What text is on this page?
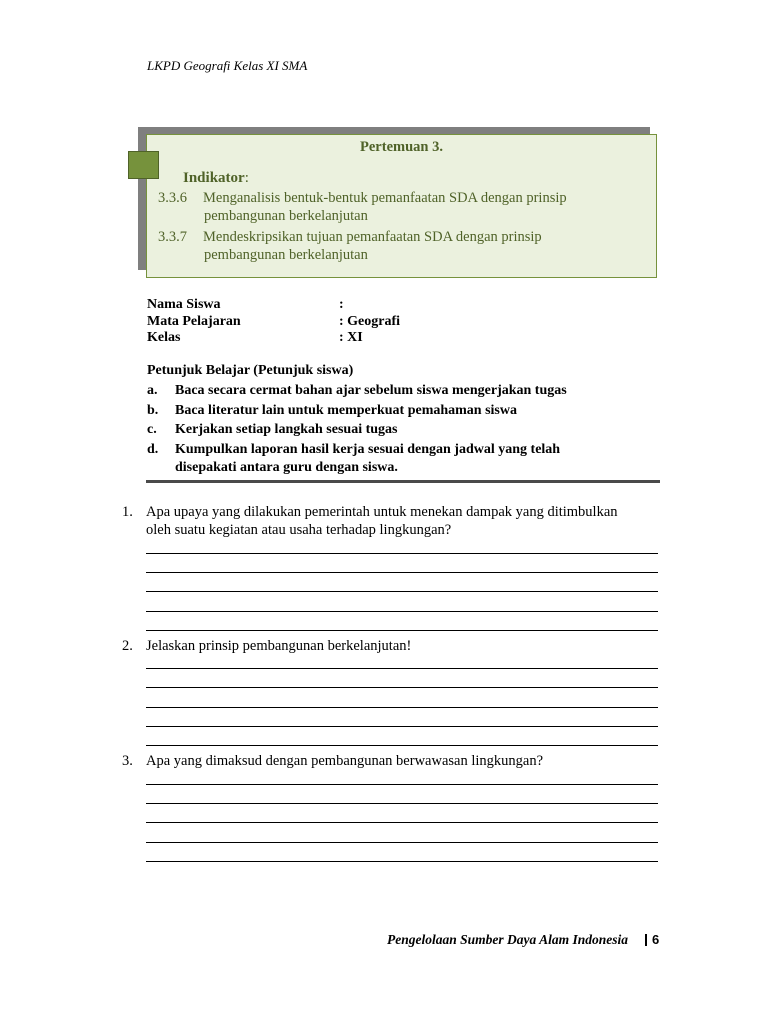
LKPD Geografi Kelas XI SMA
Pertemuan 3.
Indikator:
3.3.6 Menganalisis bentuk-bentuk pemanfaatan SDA dengan prinsip
pembangunan berkelanjutan
3.3.7 Mendeskripsikan tujuan pemanfaatan SDA dengan prinsip
pembangunan berkelanjutan
Nama Siswa	:
Mata Pelajaran	: Geografi
Kelas	: XI
Petunjuk Belajar (Petunjuk siswa)
a. Baca secara cermat bahan ajar sebelum siswa mengerjakan tugas
b. Baca literatur lain untuk memperkuat pemahaman siswa
c. Kerjakan setiap langkah sesuai tugas
d. Kumpulkan laporan hasil kerja sesuai dengan jadwal yang telah
disepakati antara guru dengan siswa.
1. Apa upaya yang dilakukan pemerintah untuk menekan dampak yang ditimbulkan
oleh suatu kegiatan atau usaha terhadap lingkungan?
2. Jelaskan prinsip pembangunan berkelanjutan!
3. Apa yang dimaksud dengan pembangunan berwawasan lingkungan?
Pengelolaan Sumber Daya Alam Indonesia 6
